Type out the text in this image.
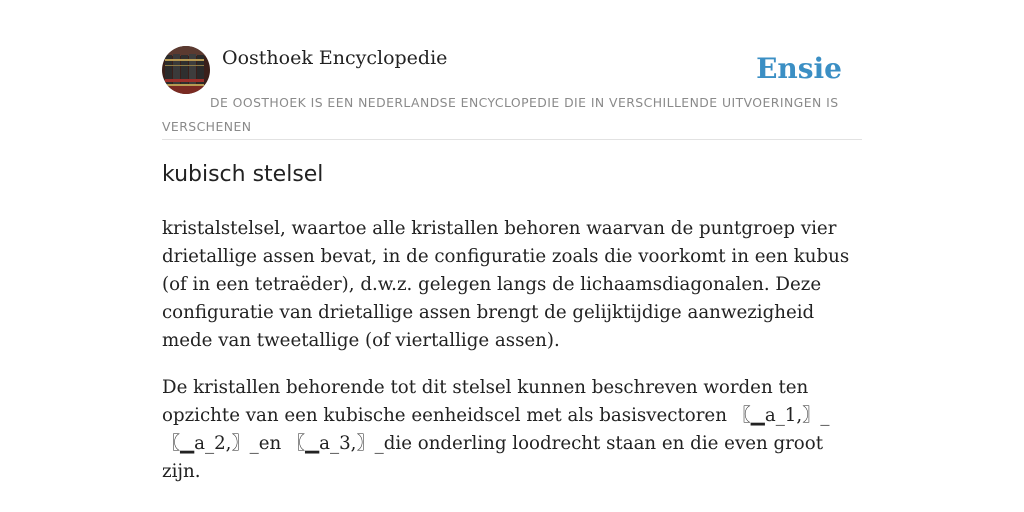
Oosthoek Encyclopedie	Ensie
DE OOSTHOEK IS EEN NEDERLANDSE ENCYCLOPEDIE DIE IN VERSCHILLENDE UITVOERINGEN IS VERSCHENEN
kubisch stelsel

kristalstelsel, waartoe alle kristallen behoren waarvan de puntgroep vier drietallige assen bevat, in de configuratie zoals die voorkomt in een kubus (of in een tetraëder), d.w.z. gelegen langs de lichaamsdiagonalen. Deze configuratie van drietallige assen brengt de gelijktijdige aanwezigheid mede van tweetallige (of viertallige assen).

De kristallen behorende tot dit stelsel kunnen beschreven worden ten opzichte van een kubische eenheidscel met als basisvectoren 〖▁a_1,〗_ 〖▁a_2,〗_en 〖▁a_3,〗_die onderling loodrecht staan en die even groot zijn.
